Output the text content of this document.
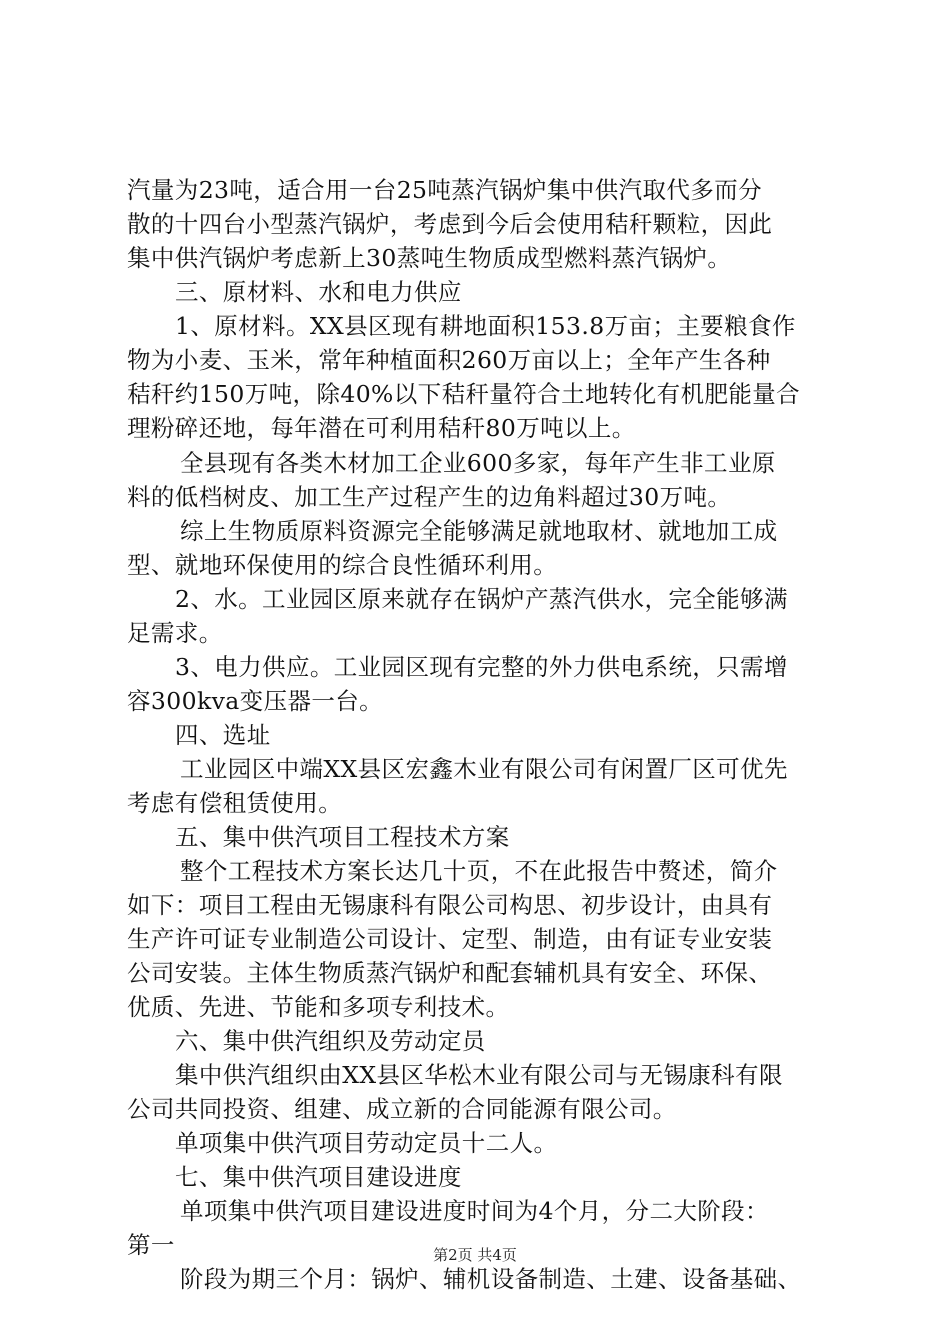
汽量为23吨，适合用一台25吨蒸汽锅炉集中供汽取代多而分
散的十四台小型蒸汽锅炉，考虑到今后会使用秸秆颗粒，因此
集中供汽锅炉考虑新上30蒸吨生物质成型燃料蒸汽锅炉。
三、原材料、水和电力供应
1、原材料。XX县区现有耕地面积153.8万亩；主要粮食作
物为小麦、玉米，常年种植面积260万亩以上；全年产生各种
秸秆约150万吨，除40%以下秸秆量符合土地转化有机肥能量合
理粉碎还地，每年潜在可利用秸秆80万吨以上。
全县现有各类木材加工企业600多家，每年产生非工业原
料的低档树皮、加工生产过程产生的边角料超过30万吨。
综上生物质原料资源完全能够满足就地取材、就地加工成
型、就地环保使用的综合良性循环利用。
2、水。工业园区原来就存在锅炉产蒸汽供水，完全能够满
足需求。
3、电力供应。工业园区现有完整的外力供电系统，只需增
容300kva变压器一台。
四、选址
工业园区中端XX县区宏鑫木业有限公司有闲置厂区可优先
考虑有偿租赁使用。
五、集中供汽项目工程技术方案
整个工程技术方案长达几十页，不在此报告中赘述，简介
如下：项目工程由无锡康科有限公司构思、初步设计，由具有
生产许可证专业制造公司设计、定型、制造，由有证专业安装
公司安装。主体生物质蒸汽锅炉和配套辅机具有安全、环保、
优质、先进、节能和多项专利技术。
六、集中供汽组织及劳动定员
集中供汽组织由XX县区华松木业有限公司与无锡康科有限
公司共同投资、组建、成立新的合同能源有限公司。
单项集中供汽项目劳动定员十二人。
七、集中供汽项目建设进度
单项集中供汽项目建设进度时间为4个月，分二大阶段：
第一
阶段为期三个月：锅炉、辅机设备制造、土建、设备基础、
第2页 共4页
